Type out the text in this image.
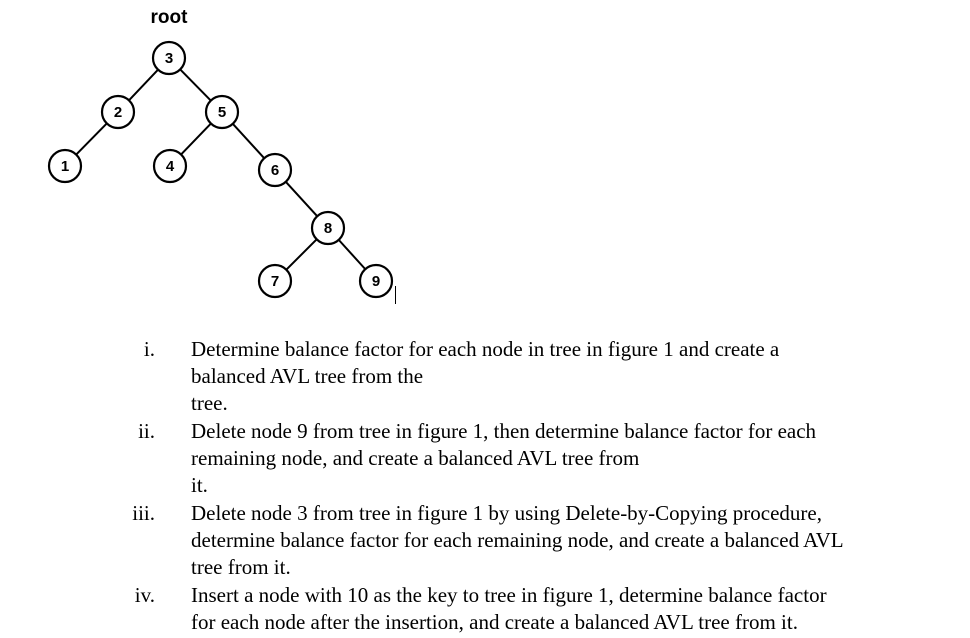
root
3
2	5
1	4	6
8
7	9
i. Determine balance factor for each node in tree in figure 1 and create a
balanced AVL tree from the
tree.
ii. Delete node 9 from tree in figure 1, then determine balance factor for each
remaining node, and create a balanced AVL tree from
it.
iii. Delete node 3 from tree in figure 1 by using Delete-by-Copying procedure,
determine balance factor for each remaining node, and create a balanced AVL
tree from it.
iv. Insert a node with 10 as the key to tree in figure 1, determine balance factor
for each node after the insertion, and create a balanced AVL tree from it.
